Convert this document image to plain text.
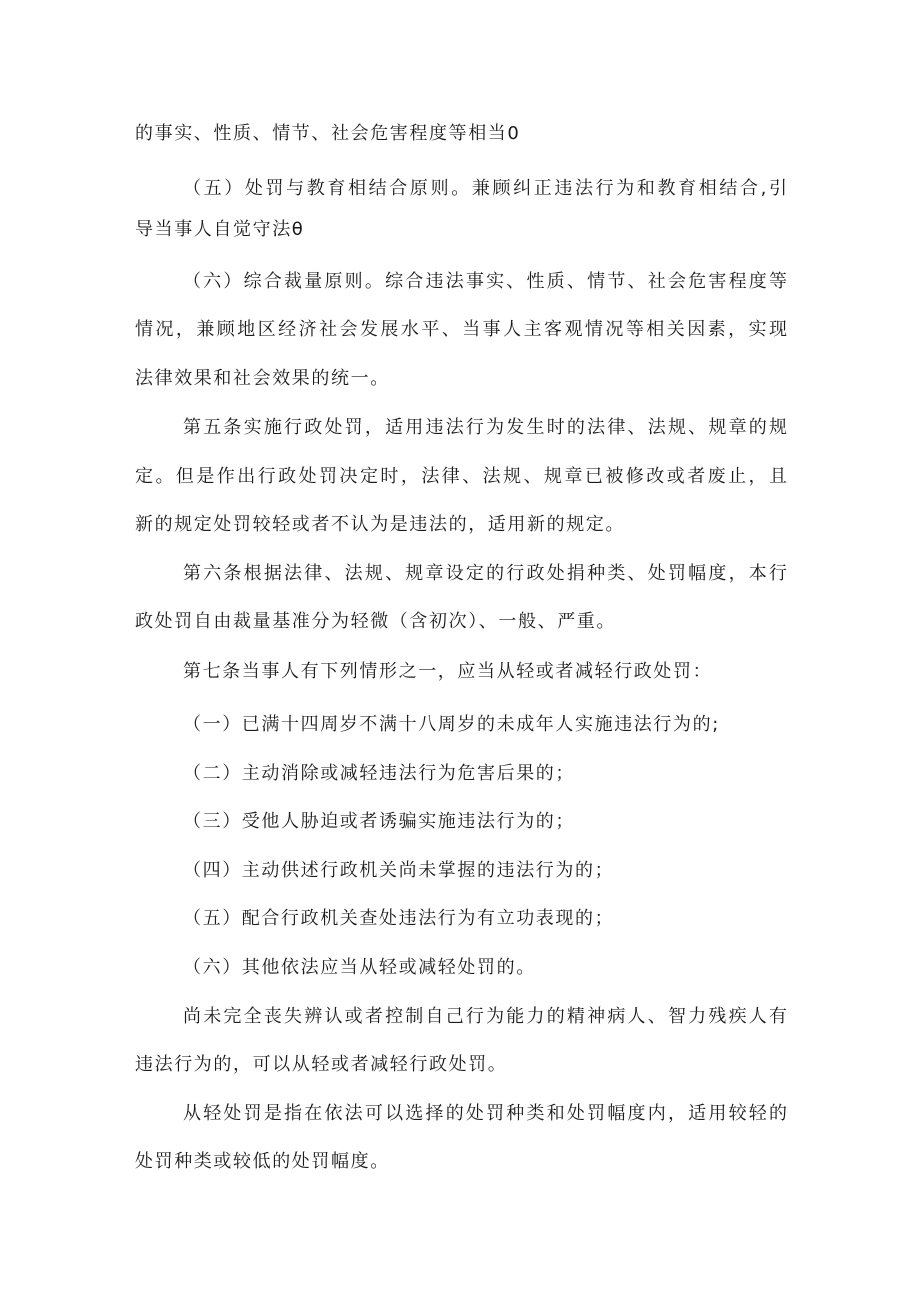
的事实、性质、情节、社会危害程度等相当0
（五）处罚与教育相结合原则。兼顾纠正违法行为和教育相结合,引
导当事人自觉守法θ
（六）综合裁量原则。综合违法事实、性质、情节、社会危害程度等
情况，兼顾地区经济社会发展水平、当事人主客观情况等相关因素，实现
法律效果和社会效果的统一。
第五条实施行政处罚，适用违法行为发生时的法律、法规、规章的规
定。但是作出行政处罚决定时，法律、法规、规章已被修改或者废止，且
新的规定处罚较轻或者不认为是违法的，适用新的规定。
第六条根据法律、法规、规章设定的行政处捐种类、处罚幅度，本行
政处罚自由裁量基准分为轻微（含初次）、一般、严重。
第七条当事人有下列情形之一，应当从轻或者减轻行政处罚：
（一）已满十四周岁不满十八周岁的未成年人实施违法行为的;
（二）主动消除或减轻违法行为危害后果的；
（三）受他人胁迫或者诱骗实施违法行为的；
（四）主动供述行政机关尚未掌握的违法行为的；
（五）配合行政机关查处违法行为有立功表现的；
（六）其他依法应当从轻或减轻处罚的。
尚未完全丧失辨认或者控制自己行为能力的精神病人、智力残疾人有
违法行为的，可以从轻或者减轻行政处罚。
从轻处罚是指在依法可以选择的处罚种类和处罚幅度内，适用较轻的
处罚种类或较低的处罚幅度。
